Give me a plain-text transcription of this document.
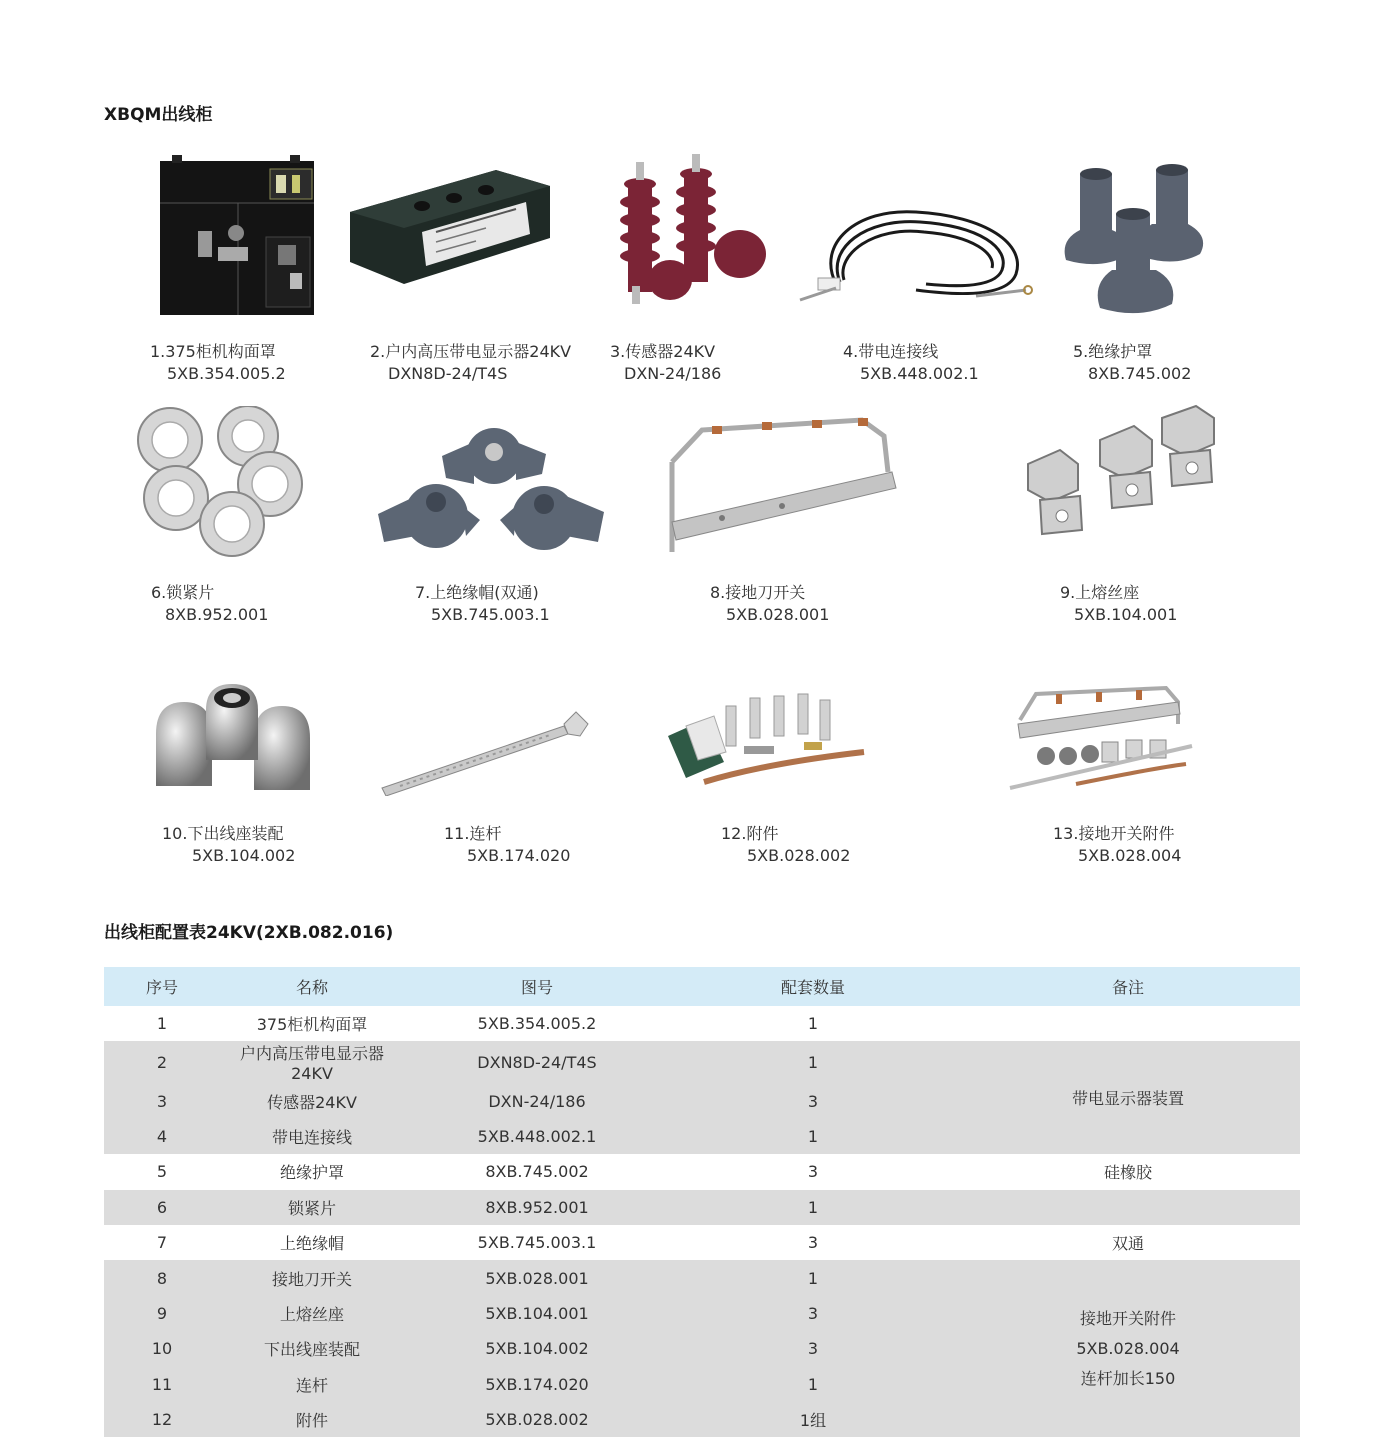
XBQM出线柜
1.375柜机构面罩
5XB.354.005.2
2.户内高压带电显示器24KV
DXN8D-24/T4S
3.传感器24KV
DXN-24/186
4.带电连接线
5XB.448.002.1
5.绝缘护罩
8XB.745.002
6.锁紧片
8XB.952.001
7.上绝缘帽(双通)
5XB.745.003.1
8.接地刀开关
5XB.028.001
9.上熔丝座
5XB.104.001
10.下出线座装配
5XB.104.002
11.连杆
5XB.174.020
12.附件
5XB.028.002
13.接地开关附件
5XB.028.004
出线柜配置表24KV(2XB.082.016)
序号	名称	图号	配套数量	备注
1	375柜机构面罩	5XB.354.005.2	1	
2	户内高压带电显示器24KV	DXN8D-24/T4S	1	带电显示器装置
3	传感器24KV	DXN-24/186	3	
4	带电连接线	5XB.448.002.1	1	
5	绝缘护罩	8XB.745.002	3	硅橡胶
6	锁紧片	8XB.952.001	1	
7	上绝缘帽	5XB.745.003.1	3	双通
8	接地刀开关	5XB.028.001	1	接地开关附件
5XB.028.004
连杆加长150

9	上熔丝座	5XB.104.001	3	
10	下出线座装配	5XB.104.002	3	
11	连杆	5XB.174.020	1	
12	附件	5XB.028.002	1组	
